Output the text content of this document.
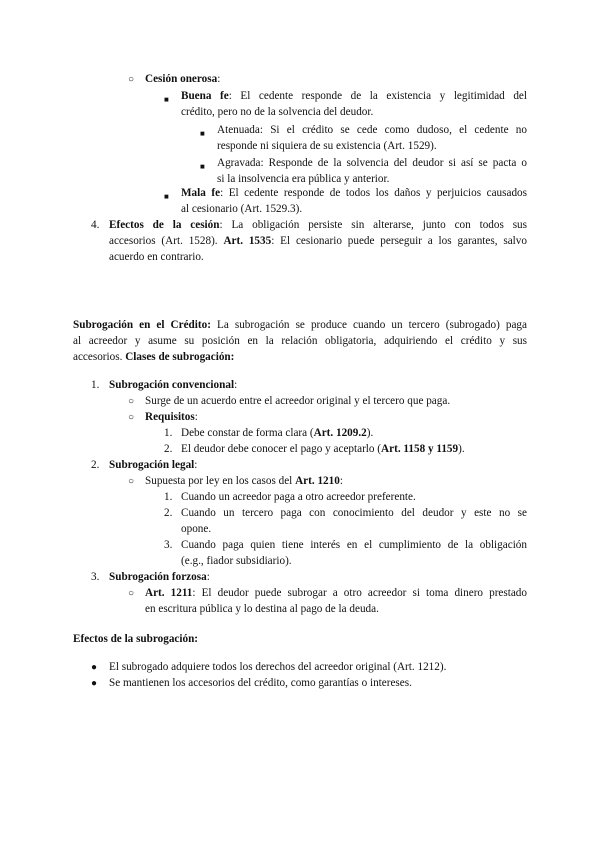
○ Cesión onerosa:
■ Buena fe: El cedente responde de la existencia y legitimidad del
crédito, pero no de la solvencia del deudor.
■ Atenuada: Si el crédito se cede como dudoso, el cedente no
responde ni siquiera de su existencia (Art. 1529).
■ Agravada: Responde de la solvencia del deudor si así se pacta o
si la insolvencia era pública y anterior.
■ Mala fe: El cedente responde de todos los daños y perjuicios causados
al cesionario (Art. 1529.3).
4. Efectos de la cesión: La obligación persiste sin alterarse, junto con todos sus
accesorios (Art. 1528). Art. 1535: El cesionario puede perseguir a los garantes, salvo
acuerdo en contrario.
Subrogación en el Crédito: La subrogación se produce cuando un tercero (subrogado) paga
al acreedor y asume su posición en la relación obligatoria, adquiriendo el crédito y sus
accesorios. Clases de subrogación:
1. Subrogación convencional:
○ Surge de un acuerdo entre el acreedor original y el tercero que paga.
○ Requisitos:
1. Debe constar de forma clara (Art. 1209.2).
2. El deudor debe conocer el pago y aceptarlo (Art. 1158 y 1159).
2. Subrogación legal:
○ Supuesta por ley en los casos del Art. 1210:
1. Cuando un acreedor paga a otro acreedor preferente.
2. Cuando un tercero paga con conocimiento del deudor y este no se
opone.
3. Cuando paga quien tiene interés en el cumplimiento de la obligación
(e.g., fiador subsidiario).
3. Subrogación forzosa:
○ Art. 1211: El deudor puede subrogar a otro acreedor si toma dinero prestado
en escritura pública y lo destina al pago de la deuda.
Efectos de la subrogación:
● El subrogado adquiere todos los derechos del acreedor original (Art. 1212).
● Se mantienen los accesorios del crédito, como garantías o intereses.
